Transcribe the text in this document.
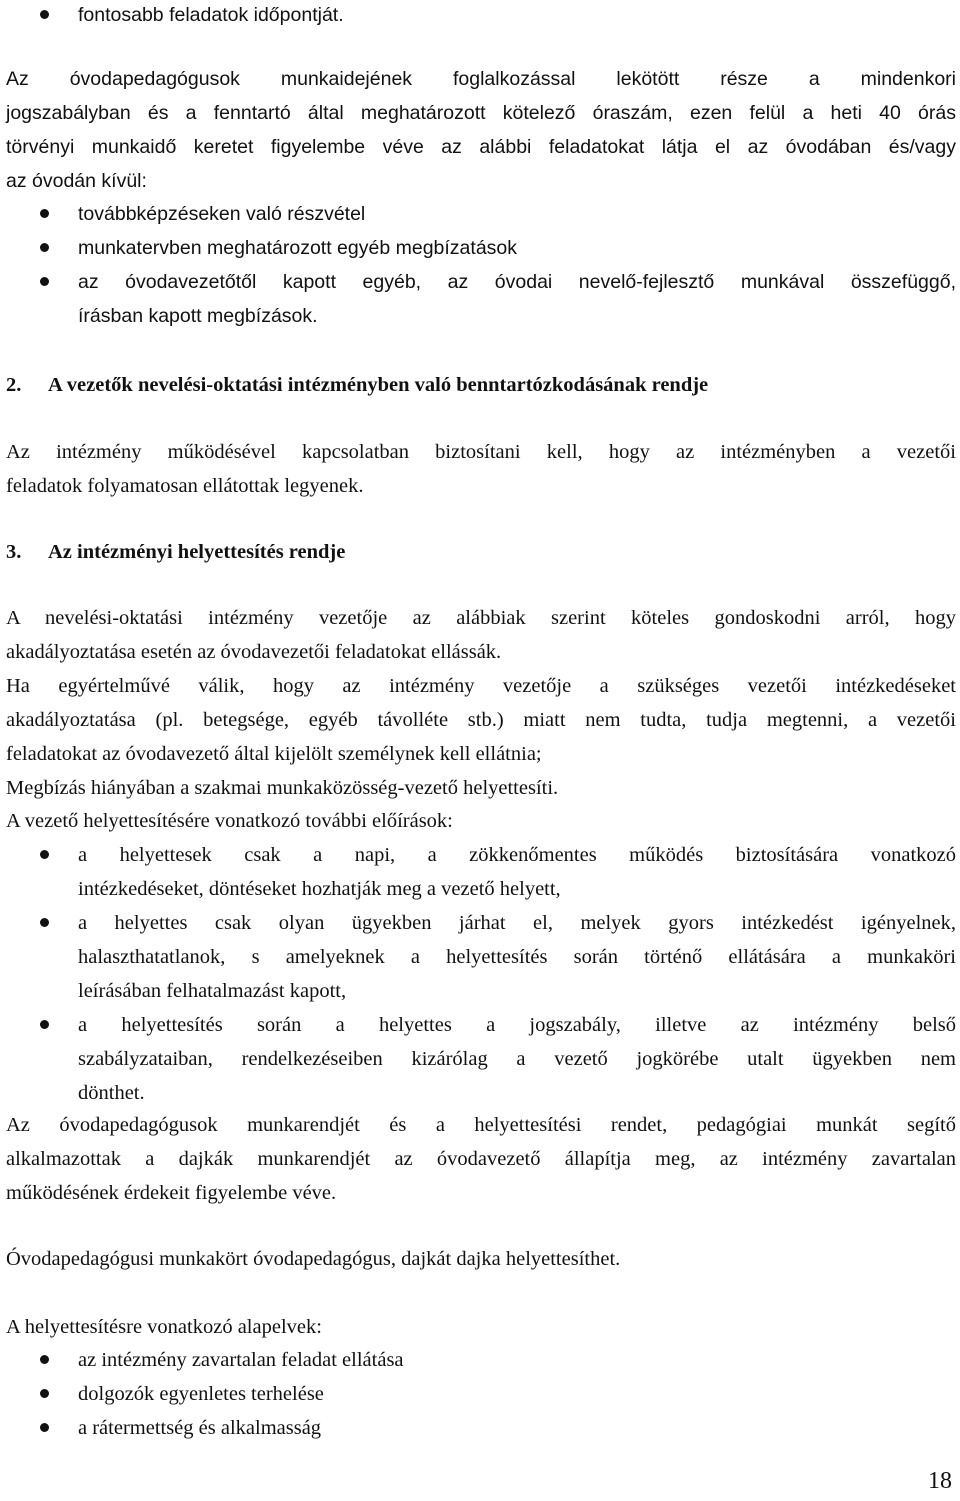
fontosabb feladatok időpontját.
Az óvodapedagógusok munkaidejének foglalkozással lekötött része a mindenkori
jogszabályban és a fenntartó által meghatározott kötelező óraszám, ezen felül a heti 40 órás
törvényi munkaidő keretet figyelembe véve az alábbi feladatokat látja el az óvodában és/vagy
az óvodán kívül:
továbbképzéseken való részvétel
munkatervben meghatározott egyéb megbízatások
az óvodavezetőtől kapott egyéb, az óvodai nevelő-fejlesztő munkával összefüggő,
írásban kapott megbízások.
2. A vezetők nevelési-oktatási intézményben való benntartózkodásának rendje
Az intézmény működésével kapcsolatban biztosítani kell, hogy az intézményben a vezetői
feladatok folyamatosan ellátottak legyenek.
3. Az intézményi helyettesítés rendje
A nevelési-oktatási intézmény vezetője az alábbiak szerint köteles gondoskodni arról, hogy
akadályoztatása esetén az óvodavezetői feladatokat ellássák.
Ha egyértelművé válik, hogy az intézmény vezetője a szükséges vezetői intézkedéseket
akadályoztatása (pl. betegsége, egyéb távolléte stb.) miatt nem tudta, tudja megtenni, a vezetői
feladatokat az óvodavezető által kijelölt személynek kell ellátnia;
Megbízás hiányában a szakmai munkaközösség-vezető helyettesíti.
A vezető helyettesítésére vonatkozó további előírások:
a helyettesek csak a napi, a zökkenőmentes működés biztosítására vonatkozó
intézkedéseket, döntéseket hozhatják meg a vezető helyett,
a helyettes csak olyan ügyekben járhat el, melyek gyors intézkedést igényelnek,
halaszthatatlanok, s amelyeknek a helyettesítés során történő ellátására a munkaköri
leírásában felhatalmazást kapott,
a helyettesítés során a helyettes a jogszabály, illetve az intézmény belső
szabályzataiban, rendelkezéseiben kizárólag a vezető jogkörébe utalt ügyekben nem
dönthet.
Az óvodapedagógusok munkarendjét és a helyettesítési rendet, pedagógiai munkát segítő
alkalmazottak a dajkák munkarendjét az óvodavezető állapítja meg, az intézmény zavartalan
működésének érdekeit figyelembe véve.
Óvodapedagógusi munkakört óvodapedagógus, dajkát dajka helyettesíthet.
A helyettesítésre vonatkozó alapelvek:
az intézmény zavartalan feladat ellátása
dolgozók egyenletes terhelése
a rátermettség és alkalmasság
18
